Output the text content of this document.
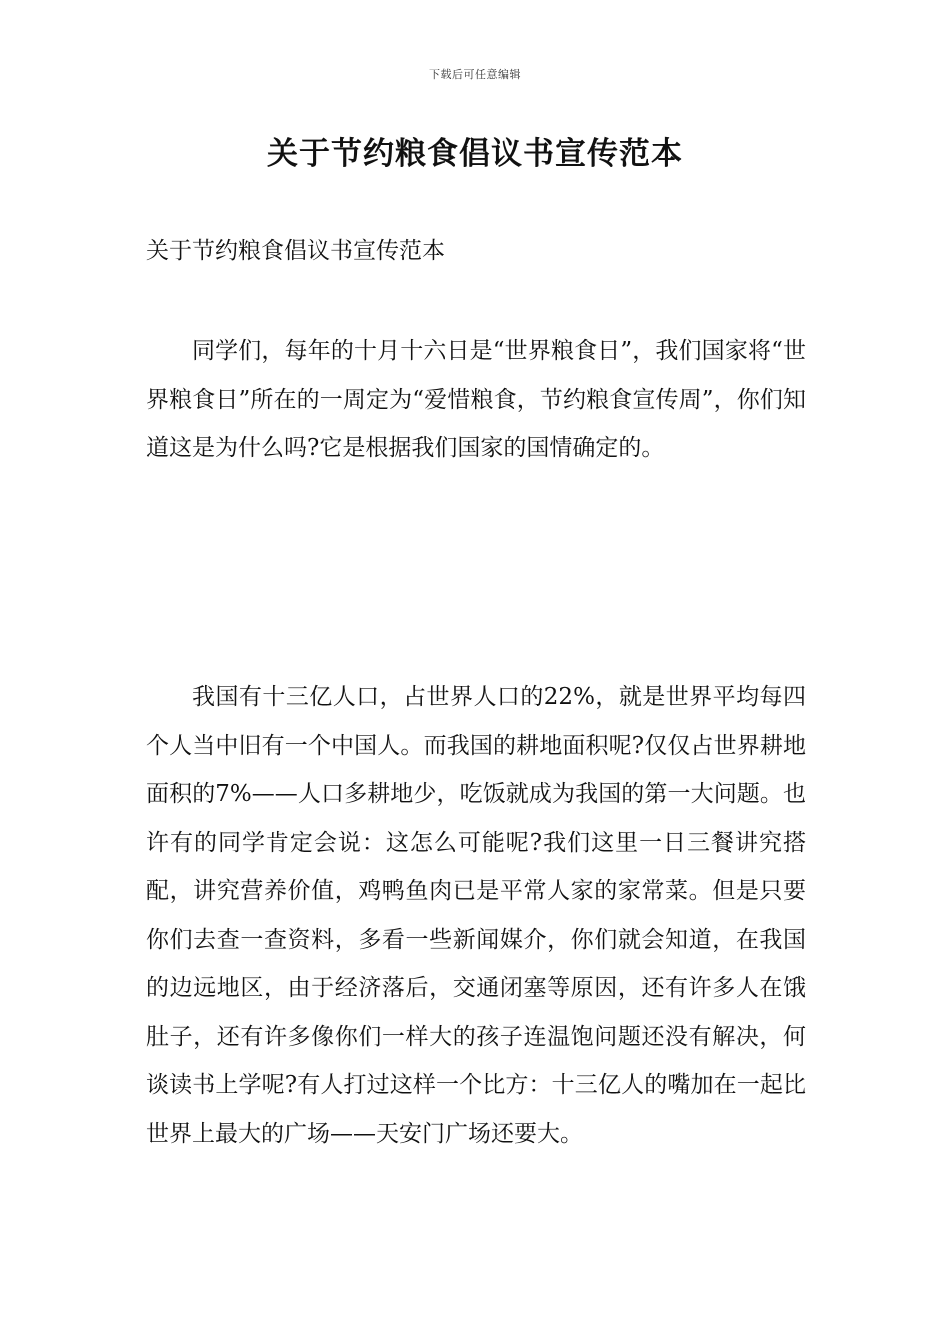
下载后可任意编辑
关于节约粮食倡议书宣传范本

关于节约粮食倡议书宣传范本

同学们，每年的十月十六日是“世界粮食日”，我们国家将“世界粮食日”所在的一周定为“爱惜粮食，节约粮食宣传周”，你们知道这是为什么吗?它是根据我们国家的国情确定的。

我国有十三亿人口，占世界人口的22%，就是世界平均每四个人当中旧有一个中国人。而我国的耕地面积呢?仅仅占世界耕地面积的7%——人口多耕地少，吃饭就成为我国的第一大问题。也许有的同学肯定会说：这怎么可能呢?我们这里一日三餐讲究搭配，讲究营养价值，鸡鸭鱼肉已是平常人家的家常菜。但是只要你们去查一查资料，多看一些新闻媒介，你们就会知道，在我国的边远地区，由于经济落后，交通闭塞等原因，还有许多人在饿肚子，还有许多像你们一样大的孩子连温饱问题还没有解决，何谈读书上学呢?有人打过这样一个比方：十三亿人的嘴加在一起比世界上最大的广场——天安门广场还要大。
